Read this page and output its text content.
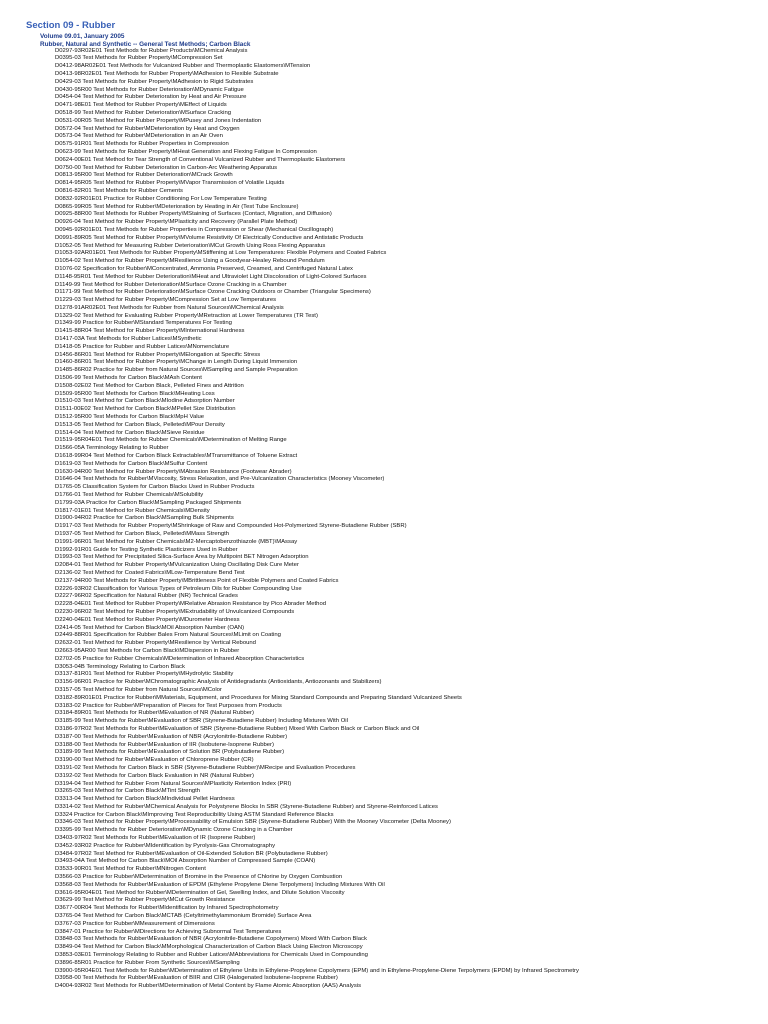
Section 09 - Rubber
Volume 09.01, January 2005
Rubber, Natural and Synthetic -- General Test Methods; Carbon Black
D0297-93R02E01 Test Methods for Rubber Products\MChemical Analysis
D0395-03 Test Methods for Rubber Property\MCompression Set
D0412-98AR02E01 Test Methods for Vulcanized Rubber and Thermoplastic Elastomers\MTension
D0413-98R02E01 Test Methods for Rubber Property\MAdhesion to Flexible Substrate
D0429-03 Test Methods for Rubber Property\MAdhesion to Rigid Substrates
D0430-95R00 Test Methods for Rubber Deterioration\MDynamic Fatigue
D0454-04 Test Method for Rubber Deterioration by Heat and Air Pressure
D0471-98E01 Test Method for Rubber Property\MEffect of Liquids
D0518-99 Test Method for Rubber Deterioration\MSurface Cracking
D0531-00R05 Test Method for Rubber Property\MPusey and Jones Indentation
D0572-04 Test Method for Rubber\MDeterioration by Heat and Oxygen
D0573-04 Test Method for Rubber\MDeterioration in an Air Oven
D0575-91R01 Test Methods for Rubber Properties in Compression
D0623-99 Test Methods for Rubber Property\MHeat Generation and Flexing Fatigue In Compression
D0624-00E01 Test Method for Tear Strength of Conventional Vulcanized Rubber and Thermoplastic Elastomers
D0750-00 Test Method for Rubber Deterioration in Carbon-Arc Weathering Apparatus
D0813-95R00 Test Method for Rubber Deterioration\MCrack Growth
D0814-95R05 Test Method for Rubber Property\MVapor Transmission of Volatile Liquids
D0816-82R01 Test Methods for Rubber Cements
D0832-92R01E01 Practice for Rubber Conditioning For Low Temperature Testing
D0865-99R05 Test Method for Rubber\MDeterioration by Heating in Air (Test Tube Enclosure)
D0925-88R00 Test Methods for Rubber Property\MStaining of Surfaces (Contact, Migration, and Diffusion)
D0926-04 Test Method for Rubber Property\MPlasticity and Recovery (Parallel Plate Method)
D0945-92R01E01 Test Methods for Rubber Properties in Compression or Shear (Mechanical Oscillograph)
D0991-89R05 Test Method for Rubber Property\MVolume Resistivity Of Electrically Conductive and Antistatic Products
D1052-05 Test Method for Measuring Rubber Deterioration\MCut Growth Using Ross Flexing Apparatus
D1053-92AR01E01 Test Methods for Rubber Property\MStiffening at Low Temperatures: Flexible Polymers and Coated Fabrics
D1054-02 Test Method for Rubber Property\MResilience Using a Goodyear-Healey Rebound Pendulum
D1076-02 Specification for Rubber\MConcentrated, Ammonia Preserved, Creamed, and Centrifuged Natural Latex
D1148-95R01 Test Method for Rubber Deterioration\MHeat and Ultraviolet Light Discoloration of Light-Colored Surfaces
D1149-99 Test Method for Rubber Deterioration\MSurface Ozone Cracking in a Chamber
D1171-99 Test Method for Rubber Deterioration\MSurface Ozone Cracking Outdoors or Chamber (Triangular Specimens)
D1229-03 Test Method for Rubber Property\MCompression Set at Low Temperatures
D1278-91AR02E01 Test Methods for Rubber from Natural Sources\MChemical Analysis
D1329-02 Test Method for Evaluating Rubber Property\MRetraction at Lower Temperatures (TR Test)
D1349-99 Practice for Rubber\MStandard Temperatures For Testing
D1415-88R04 Test Method for Rubber Property\MInternational Hardness
D1417-03A Test Methods for Rubber Latices\MSynthetic
D1418-05 Practice for Rubber and Rubber Latices\MNomenclature
D1456-86R01 Test Method for Rubber Property\MElongation at Specific Stress
D1460-86R01 Test Method for Rubber Property\MChange in Length During Liquid Immersion
D1485-86R02 Practice for Rubber from Natural Sources\MSampling and Sample Preparation
D1506-99 Test Methods for Carbon Black\MAsh Content
D1508-02E02 Test Method for Carbon Black, Pelleted Fines and Attrition
D1509-95R00 Test Methods for Carbon Black\MHeating Loss
D1510-03 Test Method for Carbon Black\MIodine Adsorption Number
D1511-00E02 Test Method for Carbon Black\MPellet Size Distribution
D1512-95R00 Test Methods for Carbon Black\MpH Value
D1513-05 Test Method for Carbon Black, Pelleted\MPour Density
D1514-04 Test Method for Carbon Black\MSieve Residue
D1519-95R04E01 Test Methods for Rubber Chemicals\MDetermination of Melting Range
D1566-05A Terminology Relating to Rubber
D1618-99R04 Test Method for Carbon Black Extractables\MTransmittance of Toluene Extract
D1619-03 Test Methods for Carbon Black\MSulfur Content
D1630-94R00 Test Method for Rubber Property\MAbrasion Resistance (Footwear Abrader)
D1646-04 Test Methods for Rubber\MViscosity, Stress Relaxation, and Pre-Vulcanization Characteristics (Mooney Viscometer)
D1765-05 Classification System for Carbon Blacks Used in Rubber Products
D1766-01 Test Method for Rubber Chemicals\MSolubility
D1799-03A Practice for Carbon Black\MSampling Packaged Shipments
D1817-01E01 Test Method for Rubber Chemicals\MDensity
D1900-94R02 Practice for Carbon Black\MSampling Bulk Shipments
D1917-03 Test Methods for Rubber Property\MShrinkage of Raw and Compounded Hot-Polymerized Styrene-Butadiene Rubber (SBR)
D1937-05 Test Method for Carbon Black, Pelleted\MMass Strength
D1991-96R01 Test Method for Rubber Chemicals\M2-Mercaptobenzothiazole (MBT)\MAssay
D1992-91R01 Guide for Testing Synthetic Plasticizers Used in Rubber
D1993-03 Test Method for Precipitated Silica-Surface Area by Multipoint BET Nitrogen Adsorption
D2084-01 Test Method for Rubber Property\MVulcanization Using Oscillating Disk Cure Meter
D2136-02 Test Method for Coated Fabrics\MLow-Temperature Bend Test
D2137-94R00 Test Methods for Rubber Property\MBrittleness Point of Flexible Polymers and Coated Fabrics
D2226-93R02 Classification for Various Types of Petroleum Oils for Rubber Compounding Use
D2227-96R02 Specification for Natural Rubber (NR) Technical Grades
D2228-04E01 Test Method for Rubber Property\MRelative Abrasion Resistance by Pico Abrader Method
D2230-96R02 Test Method for Rubber Property\MExtrudability of Unvulcanized Compounds
D2240-04E01 Test Method for Rubber Property\MDurometer Hardness
D2414-05 Test Method for Carbon Black\MOil Absorption Number (OAN)
D2449-88R01 Specification for Rubber Bales From Natural Sources\MLimit on Coating
D2632-01 Test Method for Rubber Property\MResilience by Vertical Rebound
D2663-95AR00 Test Methods for Carbon Black\MDispersion in Rubber
D2702-05 Practice for Rubber Chemicals\MDetermination of Infrared Absorption Characteristics
D3053-04B Terminology Relating to Carbon Black
D3137-81R01 Test Method for Rubber Property\MHydrolytic Stability
D3156-96R01 Practice for Rubber\MChromatographic Analysis of Antidegradants (Antioxidants, Antiozonants and Stabilizers)
D3157-05 Test Method for Rubber from Natural Sources\MColor
D3182-89R01E01 Practice for Rubber\MMaterials, Equipment, and Procedures for Mixing Standard Compounds and Preparing Standard Vulcanized Sheets
D3183-02 Practice for Rubber\MPreparation of Pieces for Test Purposes from Products
D3184-89R01 Test Methods for Rubber\MEvaluation of NR (Natural Rubber)
D3185-99 Test Methods for Rubber\MEvaluation of SBR (Styrene-Butadiene Rubber) Including Mixtures With Oil
D3186-97R02 Test Methods for Rubber\MEvaluation of SBR (Styrene-Butadiene Rubber) Mixed With Carbon Black or Carbon Black and Oil
D3187-00 Test Methods for Rubber\MEvaluation of NBR (Acrylonitrile-Butadiene Rubber)
D3188-00 Test Methods for Rubber\MEvaluation of IIR (Isobutene-Isoprene Rubber)
D3189-99 Test Methods for Rubber\MEvaluation of Solution BR (Polybutadiene Rubber)
D3190-00 Test Method for Rubber\MEvaluation of Chloroprene Rubber (CR)
D3191-02 Test Methods for Carbon Black in SBR (Styrene-Butadiene Rubber)\MRecipe and Evaluation Procedures
D3192-02 Test Methods for Carbon Black Evaluation in NR (Natural Rubber)
D3194-04 Test Method for Rubber From Natural Sources\MPlasticity Retention Index (PRI)
D3265-03 Test Method for Carbon Black\MTint Strength
D3313-04 Test Method for Carbon Black\MIndividual Pellet Hardness
D3314-02 Test Method for Rubber\MChemical Analysis for Polystyrene Blocks In SBR (Styrene-Butadiene Rubber) and Styrene-Reinforced Latices
D3324 Practice for Carbon Black\MImproving Test Reproducibility Using ASTM Standard Reference Blacks
D3346-03 Test Method for Rubber Property\MProcessability of Emulsion SBR (Styrene-Butadiene Rubber) With the Mooney Viscometer (Delta Mooney)
D3395-99 Test Methods for Rubber Deterioration\MDynamic Ozone Cracking in a Chamber
D3403-97R02 Test Methods for Rubber\MEvaluation of IR (Isoprene Rubber)
D3452-93R02 Practice for Rubber\MIdentification by Pyrolysis-Gas Chromatography
D3484-97R02 Test Method for Rubber\MEvaluation of Oil-Extended Solution BR (Polybutadiene Rubber)
D3493-04A Test Method for Carbon Black\MOil Absorption Number of Compressed Sample (COAN)
D3533-90R01 Test Method for Rubber\MNitrogen Content
D3566-03 Practice for Rubber\MDetermination of Bromine in the Presence of Chlorine by Oxygen Combustion
D3568-03 Test Methods for Rubber\MEvaluation of EPDM (Ethylene Propylene Diene Terpolymers) Including Mixtures With Oil
D3616-95R04E01 Test Method for Rubber\MDetermination of Gel, Swelling Index, and Dilute Solution Viscosity
D3629-99 Test Method for Rubber Property\MCut Growth Resistance
D3677-00R04 Test Methods for Rubber\MIdentification by Infrared Spectrophotometry
D3765-04 Test Method for Carbon Black\MCTAB (Cetyltrimethylammonium Bromide) Surface Area
D3767-03 Practice for Rubber\MMeasurement of Dimensions
D3847-01 Practice for Rubber\MDirections for Achieving Subnormal Test Temperatures
D3848-03 Test Methods for Rubber\MEvaluation of NBR (Acrylonitrile-Butadiene Copolymers) Mixed With Carbon Black
D3849-04 Test Method for Carbon Black\MMorphological Characterization of Carbon Black Using Electron Microscopy
D3853-03E01 Terminology Relating to Rubber and Rubber Latices\MAbbreviations for Chemicals Used in Compounding
D3896-85R01 Practice for Rubber From Synthetic Sources\MSampling
D3900-95R04E01 Test Methods for Rubber\MDetermination of Ethylene Units in Ethylene-Propylene Copolymers (EPM) and in Ethylene-Propylene-Diene Terpolymers (EPDM) by Infrared Spectrometry
D3958-00 Test Methods for Rubber\MEvaluation of BIIR and CIIR (Halogenated Isobutene-Isoprene Rubber)
D4004-93R02 Test Methods for Rubber\MDetermination of Metal Content by Flame Atomic Absorption (AAS) Analysis
